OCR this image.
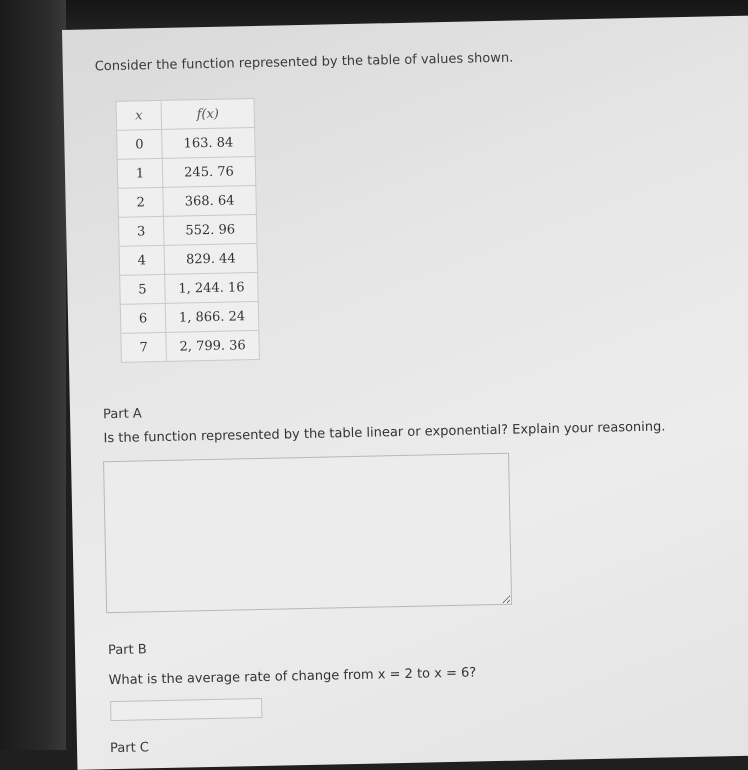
Consider the function represented by the table of values shown.

x	f(x)
0	163. 84
1	245. 76
2	368. 64
3	552. 96
4	829. 44
5	1, 244. 16
6	1, 866. 24
7	2, 799. 36

Part A

Is the function represented by the table linear or exponential? Explain your reasoning.

Part B

What is the average rate of change from x = 2 to x = 6?

Part C
